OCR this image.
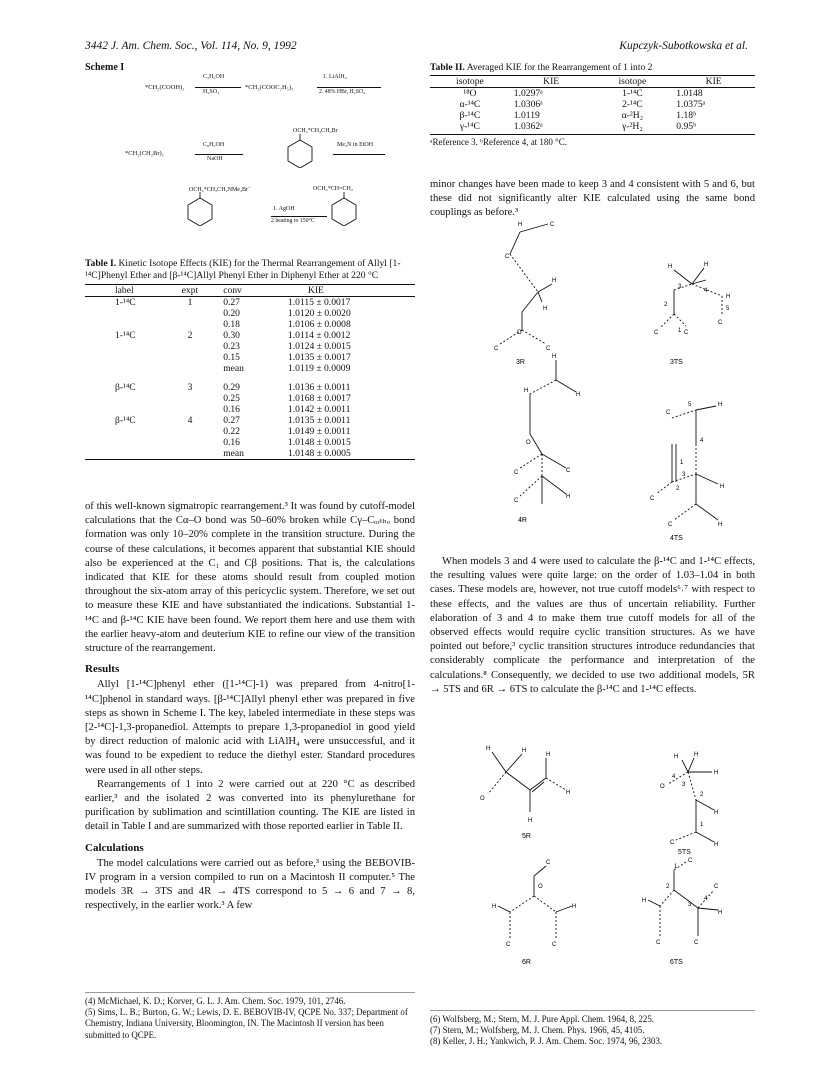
3442 J. Am. Chem. Soc., Vol. 114, No. 9, 1992	Kupczyk-Subotkowska et al.
Scheme I
*CH₂(COOH)₂
C₂H₅OH
H₂SO₄
*CH₂(COOC₂H₅)₂
1. LiAlH₄
2. 48% HBr, H₂SO₄
OCH₂*CH₂CH₂Br
*CH₂(CH₂Br)₂
C₆H₅OH
NaOH
Me₃N in EtOH
OCH₂*CH₂CH₂NMe₃Br⁻
1. AgOH
2 heating to 150°C
OCH₂*CH=CH₂
Table I. Kinetic Isotope Effects (KIE) for the Thermal Rearrangement of Allyl [1-¹⁴C]Phenyl Ether and [β-¹⁴C]Allyl Phenyl Ether in Diphenyl Ether at 220 °C
label	expt	conv	KIE
1-¹⁴C	1	0.27	1.0115 ± 0.0017
		0.20	1.0120 ± 0.0020
		0.18	1.0106 ± 0.0008
1-¹⁴C	2	0.30	1.0114 ± 0.0012
		0.23	1.0124 ± 0.0015
		0.15	1.0135 ± 0.0017
		mean	1.0119 ± 0.0009

β-¹⁴C	3	0.29	1.0136 ± 0.0011
		0.25	1.0168 ± 0.0017
		0.16	1.0142 ± 0.0011
β-¹⁴C	4	0.27	1.0135 ± 0.0011
		0.22	1.0149 ± 0.0011
		0.16	1.0148 ± 0.0015
		mean	1.0148 ± 0.0005

of this well-known sigmatropic rearrangement.³ It was found by cutoff-model calculations that the Cα–O bond was 50–60% broken while Cγ–Cₒᵣₜₕₒ bond formation was only 10–20% complete in the transition structure. During the course of these calculations, it becomes apparent that substantial KIE should also be experienced at the C₁ and Cβ positions. That is, the calculations indicated that KIE for these atoms should result from coupled motion throughout the six-atom array of this pericyclic system. Therefore, we set out to measure these KIE and have substantiated the indications. Substantial 1-¹⁴C and β-¹⁴C KIE have been found. We report them here and use them with the earlier heavy-atom and deuterium KIE to refine our view of the transition structure of the rearrangement.

Results

Allyl [1-¹⁴C]phenyl ether ([1-¹⁴C]-1) was prepared from 4-nitro[1-¹⁴C]phenol in standard ways. [β-¹⁴C]Allyl phenyl ether was prepared in five steps as shown in Scheme I. The key, labeled intermediate in these steps was [2-¹⁴C]-1,3-propanediol. Attempts to prepare 1,3-propanediol in good yield by direct reduction of malonic acid with LiAlH₄ were unsuccessful, and it was found to be expedient to reduce the diethyl ester. Standard procedures were used in all other steps.

Rearrangements of 1 into 2 were carried out at 220 °C as described earlier,³ and the isolated 2 was converted into its phenylurethane for purification by sublimation and scintillation counting. The KIE are listed in detail in Table I and are summarized with those reported earlier in Table II.

Calculations

The model calculations were carried out as before,³ using the BEBOVIB-IV program in a version compiled to run on a Macintosh II computer.⁵ The models 3R → 3TS and 4R → 4TS correspond to 5 → 6 and 7 → 8, respectively, in the earlier work.³ A few

(4) McMichael, K. D.; Korver, G. L. J. Am. Chem. Soc. 1979, 101, 2746.
(5) Sims, L. B.; Burton, G. W.; Lewis, D. E. BEBOVIB-IV, QCPE No. 337; Department of Chemistry, Indiana University, Bloomington, IN. The Macintosh II version has been submitted to QCPE.
Table II. Averaged KIE for the Rearrangement of 1 into 2
isotope	KIE	isotope	KIE
¹⁸O	1.0297ᵃ	1-¹⁴C	1.0148
α-¹⁴C	1.0306ᵃ	2-¹⁴C	1.0375ᵃ
β-¹⁴C	1.0119	α-²H₂	1.18ᵇ
γ-¹⁴C	1.0362ᵃ	γ-²H₂	0.95ᵇ
ᵃReference 3. ᵇReference 4, at 180 °C.

minor changes have been made to keep 3 and 4 consistent with 5 and 6, but these did not significantly alter KIE calculated using the same bond couplings as before.³

H	C
C
H
H
O
C	C
3R
H	H
H
3
4
2
5
C
C	C
1
3TS
H
H
H
O
C	C
C
H
4R
C
5	H
4
1
3
2
C
H
C	H
4TS

When models 3 and 4 were used to calculate the β-¹⁴C and 1-¹⁴C effects, the resulting values were quite large: on the order of 1.03–1.04 in both cases. These models are, however, not true cutoff models⁶˒⁷ with respect to these effects, and the values are thus of uncertain reliability. Further elaboration of 3 and 4 to make them true cutoff models for all of the observed effects would require cyclic transition structures. As we have pointed out before,³ cyclic transition structures introduce redundancies that considerably complicate the performance and interpretation of the calculations.⁸ Consequently, we decided to use two additional models, 5R → 5TS and 6R → 6TS to calculate the β-¹⁴C and 1-¹⁴C effects.

H	H
H
O
H
H
5R
H	H
H
4
3
O
2
H
1
C	H
5TS
C
O
H	H
C	C
6R
1
C
2	C
4
3
H
H
C	C
6TS
(6) Wolfsberg, M.; Stern, M. J. Pure Appl. Chem. 1964, 8, 225.
(7) Stern, M.; Wolfsberg, M. J. Chem. Phys. 1966, 45, 4105.
(8) Keller, J. H.; Yankwich, P. J. Am. Chem. Soc. 1974, 96, 2303.
